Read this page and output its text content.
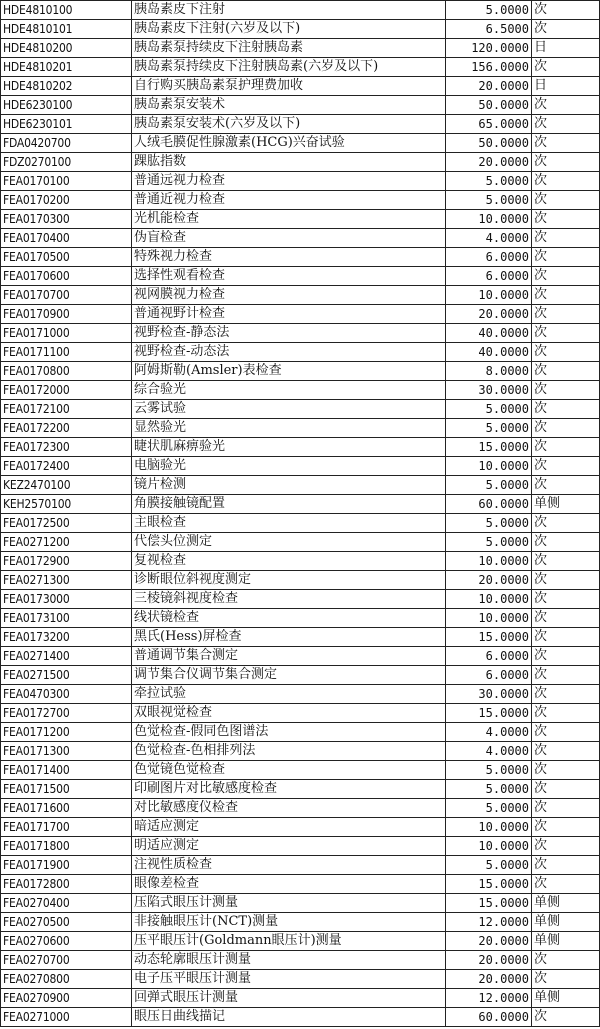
HDE4810100	胰岛素皮下注射	5.0000	次
HDE4810101	胰岛素皮下注射(六岁及以下)	6.5000	次
HDE4810200	胰岛素泵持续皮下注射胰岛素	120.0000	日
HDE4810201	胰岛素泵持续皮下注射胰岛素(六岁及以下)	156.0000	次
HDE4810202	自行购买胰岛素泵护理费加收	20.0000	日
HDE6230100	胰岛素泵安装术	50.0000	次
HDE6230101	胰岛素泵安装术(六岁及以下)	65.0000	次
FDA0420700	人绒毛膜促性腺激素(HCG)兴奋试验	50.0000	次
FDZ0270100	踝肱指数	20.0000	次
FEA0170100	普通远视力检查	5.0000	次
FEA0170200	普通近视力检查	5.0000	次
FEA0170300	光机能检查	10.0000	次
FEA0170400	伪盲检查	4.0000	次
FEA0170500	特殊视力检查	6.0000	次
FEA0170600	选择性观看检查	6.0000	次
FEA0170700	视网膜视力检查	10.0000	次
FEA0170900	普通视野计检查	20.0000	次
FEA0171000	视野检查-静态法	40.0000	次
FEA0171100	视野检查-动态法	40.0000	次
FEA0170800	阿姆斯勒(Amsler)表检查	8.0000	次
FEA0172000	综合验光	30.0000	次
FEA0172100	云雾试验	5.0000	次
FEA0172200	显然验光	5.0000	次
FEA0172300	睫状肌麻痹验光	15.0000	次
FEA0172400	电脑验光	10.0000	次
KEZ2470100	镜片检测	5.0000	次
KEH2570100	角膜接触镜配置	60.0000	单侧
FEA0172500	主眼检查	5.0000	次
FEA0271200	代偿头位测定	5.0000	次
FEA0172900	复视检查	10.0000	次
FEA0271300	诊断眼位斜视度测定	20.0000	次
FEA0173000	三棱镜斜视度检查	10.0000	次
FEA0173100	线状镜检查	10.0000	次
FEA0173200	黑氏(Hess)屏检查	15.0000	次
FEA0271400	普通调节集合测定	6.0000	次
FEA0271500	调节集合仪调节集合测定	6.0000	次
FEA0470300	牵拉试验	30.0000	次
FEA0172700	双眼视觉检查	15.0000	次
FEA0171200	色觉检查-假同色图谱法	4.0000	次
FEA0171300	色觉检查-色相排列法	4.0000	次
FEA0171400	色觉镜色觉检查	5.0000	次
FEA0171500	印刷图片对比敏感度检查	5.0000	次
FEA0171600	对比敏感度仪检查	5.0000	次
FEA0171700	暗适应测定	10.0000	次
FEA0171800	明适应测定	10.0000	次
FEA0171900	注视性质检查	5.0000	次
FEA0172800	眼像差检查	15.0000	次
FEA0270400	压陷式眼压计测量	15.0000	单侧
FEA0270500	非接触眼压计(NCT)测量	12.0000	单侧
FEA0270600	压平眼压计(Goldmann眼压计)测量	20.0000	单侧
FEA0270700	动态轮廓眼压计测量	20.0000	次
FEA0270800	电子压平眼压计测量	20.0000	次
FEA0270900	回弹式眼压计测量	12.0000	单侧
FEA0271000	眼压日曲线描记	60.0000	次
